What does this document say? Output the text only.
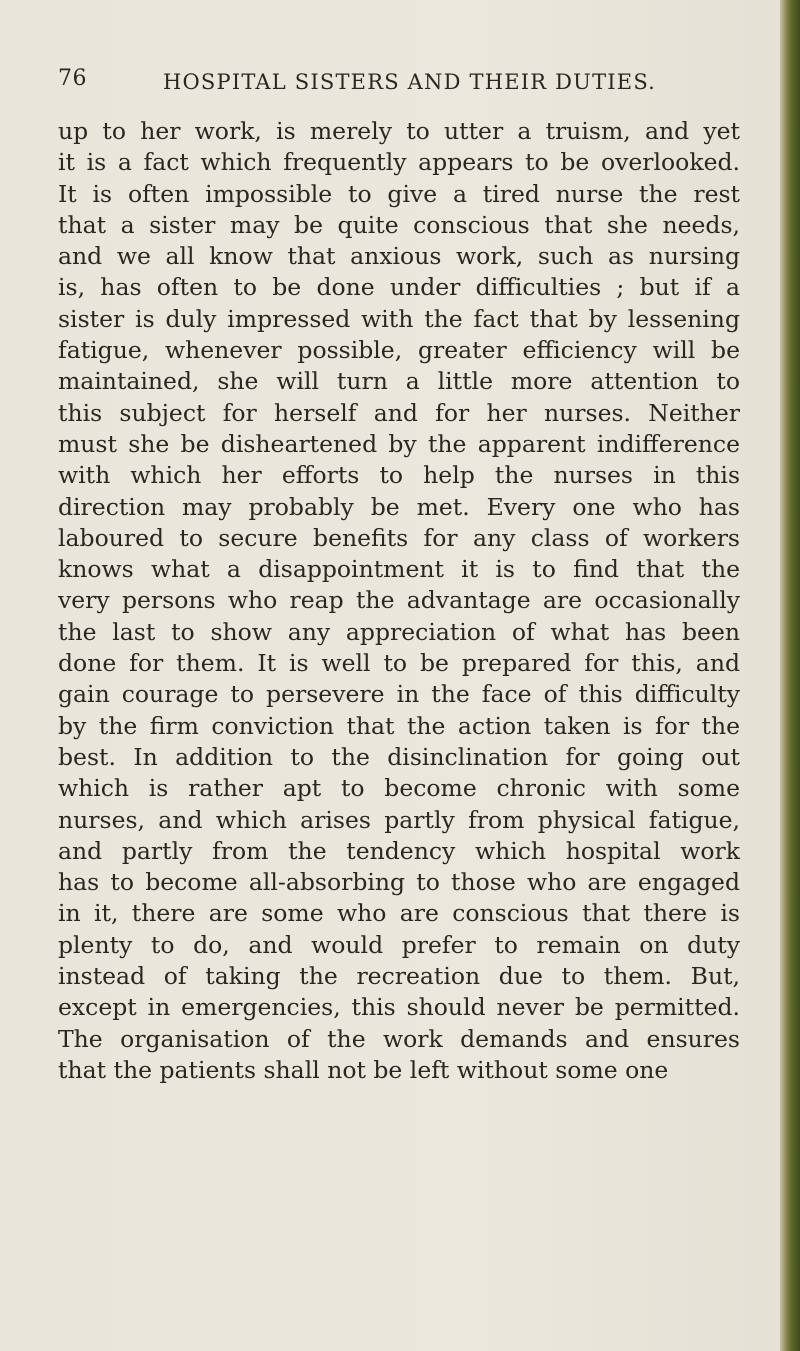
76	HOSPITAL SISTERS AND THEIR DUTIES.
up to her work, is merely to utter a truism, and yet
it is a fact which frequently appears to be overlooked.
It is often impossible to give a tired nurse the rest
that a sister may be quite conscious that she needs,
and we all know that anxious work, such as nursing
is, has often to be done under difficulties ; but if a
sister is duly impressed with the fact that by lessening
fatigue, whenever possible, greater efficiency will be
maintained, she will turn a little more attention to
this subject for herself and for her nurses. Neither
must she be disheartened by the apparent indifference
with which her efforts to help the nurses in this
direction may probably be met. Every one who has
laboured to secure benefits for any class of workers
knows what a disappointment it is to find that the
very persons who reap the advantage are occasionally
the last to show any appreciation of what has been
done for them. It is well to be prepared for this, and
gain courage to persevere in the face of this difficulty
by the firm conviction that the action taken is for the
best. In addition to the disinclination for going out
which is rather apt to become chronic with some
nurses, and which arises partly from physical fatigue,
and partly from the tendency which hospital work
has to become all-absorbing to those who are engaged
in it, there are some who are conscious that there is
plenty to do, and would prefer to remain on duty
instead of taking the recreation due to them. But,
except in emergencies, this should never be permitted.
The organisation of the work demands and ensures
that the patients shall not be left without some one
